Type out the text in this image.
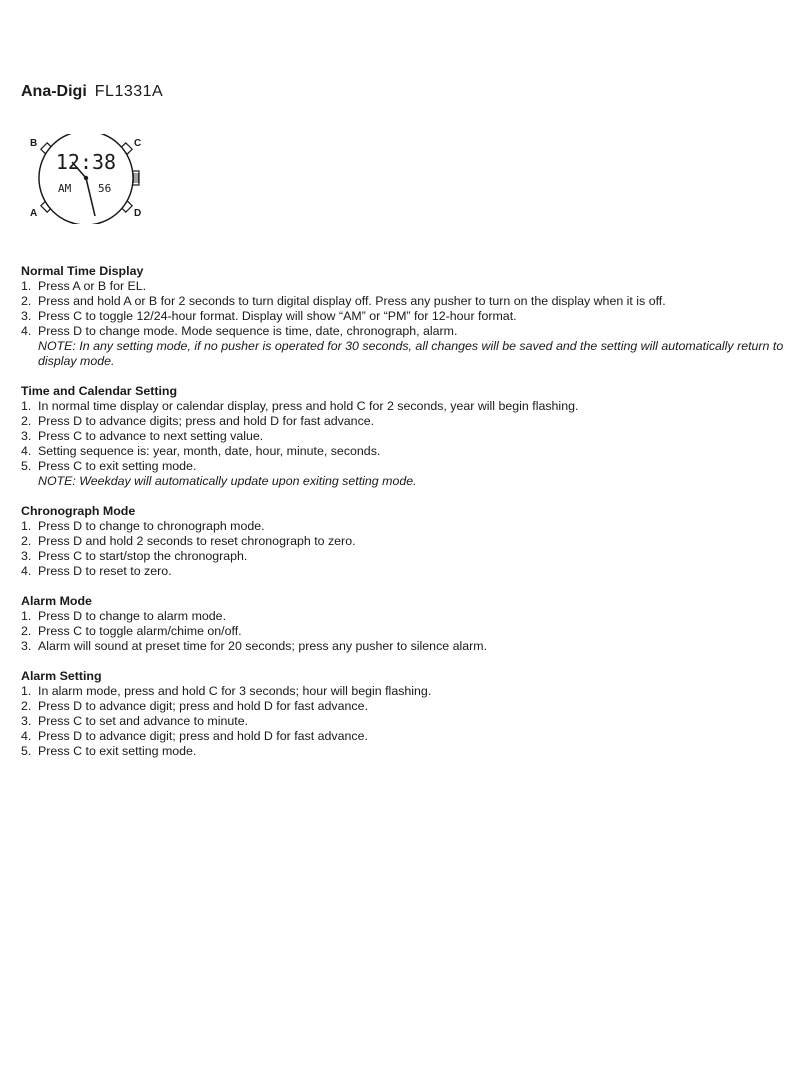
Ana-Digi FL1331A
12:38
AM 56
B	C
A	D
Normal Time Display
1. Press A or B for EL.
2. Press and hold A or B for 2 seconds to turn digital display off. Press any pusher to turn on the display when it is off.
3. Press C to toggle 12/24-hour format. Display will show “AM” or “PM” for 12-hour format.
4. Press D to change mode. Mode sequence is time, date, chronograph, alarm.
NOTE: In any setting mode, if no pusher is operated for 30 seconds, all changes will be saved and the setting will automatically return to display mode.
Time and Calendar Setting
1. In normal time display or calendar display, press and hold C for 2 seconds, year will begin flashing.
2. Press D to advance digits; press and hold D for fast advance.
3. Press C to advance to next setting value.
4. Setting sequence is: year, month, date, hour, minute, seconds.
5. Press C to exit setting mode.
NOTE: Weekday will automatically update upon exiting setting mode.
Chronograph Mode
1. Press D to change to chronograph mode.
2. Press D and hold 2 seconds to reset chronograph to zero.
3. Press C to start/stop the chronograph.
4. Press D to reset to zero.
Alarm Mode
1. Press D to change to alarm mode.
2. Press C to toggle alarm/chime on/off.
3. Alarm will sound at preset time for 20 seconds; press any pusher to silence alarm.
Alarm Setting
1. In alarm mode, press and hold C for 3 seconds; hour will begin flashing.
2. Press D to advance digit; press and hold D for fast advance.
3. Press C to set and advance to minute.
4. Press D to advance digit; press and hold D for fast advance.
5. Press C to exit setting mode.
